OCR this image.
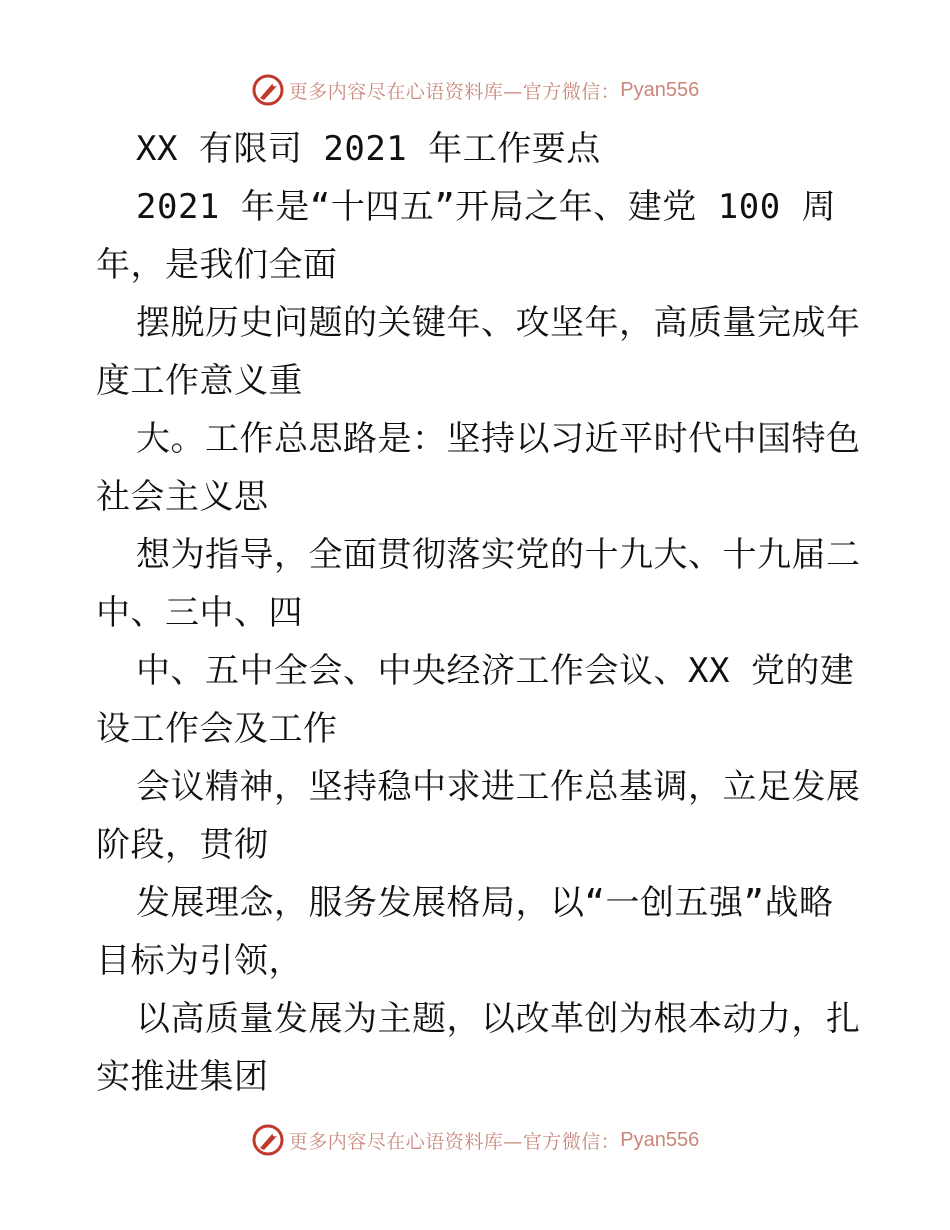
更多内容尽在心语资料库—官方微信： Pyan556
XX 有限司 2021 年工作要点
2021 年是“十四五”开局之年、建党 100 周
年，是我们全面
摆脱历史问题的关键年、攻坚年，高质量完成年
度工作意义重
大。工作总思路是：坚持以习近平时代中国特色
社会主义思
想为指导，全面贯彻落实党的十九大、十九届二
中、三中、四
中、五中全会、中央经济工作会议、XX 党的建
设工作会及工作
会议精神，坚持稳中求进工作总基调，立足发展
阶段，贯彻
发展理念，服务发展格局，以“一创五强”战略
目标为引领，
以高质量发展为主题，以改革创为根本动力，扎
实推进集团
更多内容尽在心语资料库—官方微信： Pyan556
